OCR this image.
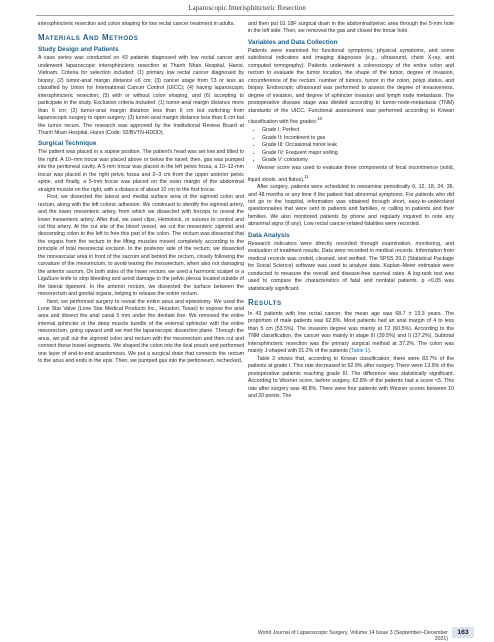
Laparoscopic Interisphincteric Resection

intersphincteric resection and colon shaping for low rectal cancer treatment in adults.

MATERIALS AND METHODS
Study Design and Patients

A case series was conducted on 43 patients diagnosed with low rectal cancer and underwent laparoscopic intersphincteric resection at Thanh Nhan Hospital, Hanoi, Vietnam. Criteria for selection included: (1) primary low rectal cancer diagnosed by biopsy; (2) tumor-anal margin distance ≤6 cm; (3) cancer stage from T3 or less as classified by Union for International Cancer Control (UICC); (4) having laparoscopic intersphincteric resection; (5) with or without colon shaping, and (6) accepting to participate in the study. Exclusion criteria included: (1) tumor-anal margin distance more than 6 cm; (2) tumor-anal margin distance less than 6 cm but switching from laparoscopic surgery to open surgery; (3) tumor-anal margin distance less than 6 cm but the tumor recurs. The research was approved by the Institutional Review Board at Thanh Nhan Hospital, Hanoi (Code: 02/BVTN-HDDD).

Surgical Technique

The patient was placed in a supine position. The patient's head was set low and tilted to the right. A 10–mm trocar was placed above or below the navel; then, gas was pumped into the peritoneal cavity. A 5-mm trocar was placed in the left pelvic fossa, a 10–12-mm trocar was placed in the right pelvic fossa and 2–3 cm from the upper anterior pelvic spine, and finally, a 5-mm trocar was placed on the outer margin of the abdominal straight muscle on the right, with a distance of about 10 cm to the first trocar.

First, we dissected the lateral and medial surface area of the sigmoid colon and rectum, along with the left colonic adhesion. We continued to identify the sigmoid artery, and the lower mesenteric artery, from which we dissected with forceps to reveal the lower mesenteric artery. After that, we used clips, Hemolock, or sutures to control and cut this artery. At the cut site of the blood vessel, we cut the mesenteric sigmoid and descending colon to the left to free this part of the colon. The rectum was dissected that the organs from the rectum to the lifting muscles moved completely according to the principle of total mesorectal excision. In the posterior side of the rectum, we dissected the nonvascular area in front of the sacrum and behind the rectum, closely following the curvature of the mesorectum, to avoid tearing the mesorectum, when also not damaging the anterior sacrum. On both sides of the lower rectum, we used a harmonic scalpel or a LigaSure knife to stop bleeding and avoid damage to the pelvic plexus located outside of the lateral ligament. In the anterior rectum, we dissected the surface between the mesorectum and genital organs, helping to release the entire rectum.

Next, we performed surgery to reveal the entire anus and episiotomy. We used the Lone Star Valve (Lone Star Medical Products Inc., Houston, Texas) to expose the anal area and dissect the anal canal 5 mm under the dentate line. We removed the entire internal sphincter or the deep muscle bundle of the external sphincter with the entire mesorectum, going upward until we met the laparoscopic dissection plane. Through the anus, we pull out the sigmoid colon and rectum with the mesorectum and then cut and connect these bowel segments. We shaped the colon into the ileal pouch and performed one layer of end-to-end anastomosis. We put a surgical drain that connects the rectum to the anus and ends in the epis. Then, we pumped gas into the peritoneum, rechecked,

and then put 01 18F surgical drain in the abdominal/pelvic area through the 5-mm hole in the left side. Then, we removed the gas and closed the trocar hole.

Variables and Data Collection

Patients were examined for functional symptoms, physical symptoms, and some subclinical indicators and imaging diagnoses (e.g., ultrasound, chest X-ray, and computed tomography). Patients underwent a colonoscopy of the entire colon and rectum to evaluate the tumor location, the shape of the tumor, degree of invasion, circumference of the rectum, number of tumors, tumor in the colon, polyp status, and biopsy. Endoscopic ultrasound was performed to assess the degree of invasiveness, degree of invasion, and degree of sphincter invasion and lymph node metastasis. The postoperative disease stage was divided according to tumor-node-metastasis (TNM) standards of the UICC. Functional assessment was performed according to Kirwan classification with five grades:$^{10}$

• Grade I: Perfect
• Grade II: Incontinent to gas
• Grade III: Occasional minor leak
• Grade IV: Frequent major soiling
• Grade V: colostomy

Wexner score was used to evaluate three components of fecal incontinence (solid, liquid stools, and flatus).$^{11}$

After surgery, patients were scheduled to reexamine periodically 6, 12, 18, 24, 36, and 48 months or any time if the patient had abnormal symptoms. For patients who did not go to the hospital, information was obtained through short, easy-to-understand questionnaires that were sent to patients and families, or calling to patients and their families. We also monitored patients by phone and regularly inquired to note any abnormal signs (if any). Low rectal cancer-related fatalities were recorded.

Data Analysis

Research indicators were directly recorded through examination, monitoring, and evaluation of treatment results. Data were recorded in medical records. Information from medical records was coded, cleaned, and verified. The SPSS 20.0 (Statistical Package for Social Science) software was used to analyze data. Kaplan–Meier estimates were conducted to measure the overall and disease-free survival rates. A log-rank test was used to compare the characteristics of fatal and nonfatal patients. p <0.05 was statistically significant.

RESULTS

In 43 patients with low rectal cancer, the mean age was 68.7 ± 13.3 years. The proportion of male patients was 62.8%. Most patients had an anal margin of 4 to less than 5 cm (53.5%). The invasion degree was mainly at T2 (60.5%). According to the TNM classification, the cancer was mainly in stage III (39.5%) and II (37.2%). Subtotal intersphincteric resection was the primary surgical method at 37.2%. The colon was mainly J-shaped with 51.2% of the patients (Table 1).

Table 2 shows that, according to Kirwan classification, there were 83.7% of the patients at grade I. This rate decreased to 62.9% after surgery. There were 13.9% of the postoperative patients reaching grade III. The difference was statistically significant. According to Wexner score, before surgery, 62.8% of the patients had a score <5. This rate after surgery was 48.8%. There were four patients with Wexner scores between 10 and 20 points. The

World Journal of Laparoscopic Surgery, Volume 14 Issue 3 (September–December 2021)
163
